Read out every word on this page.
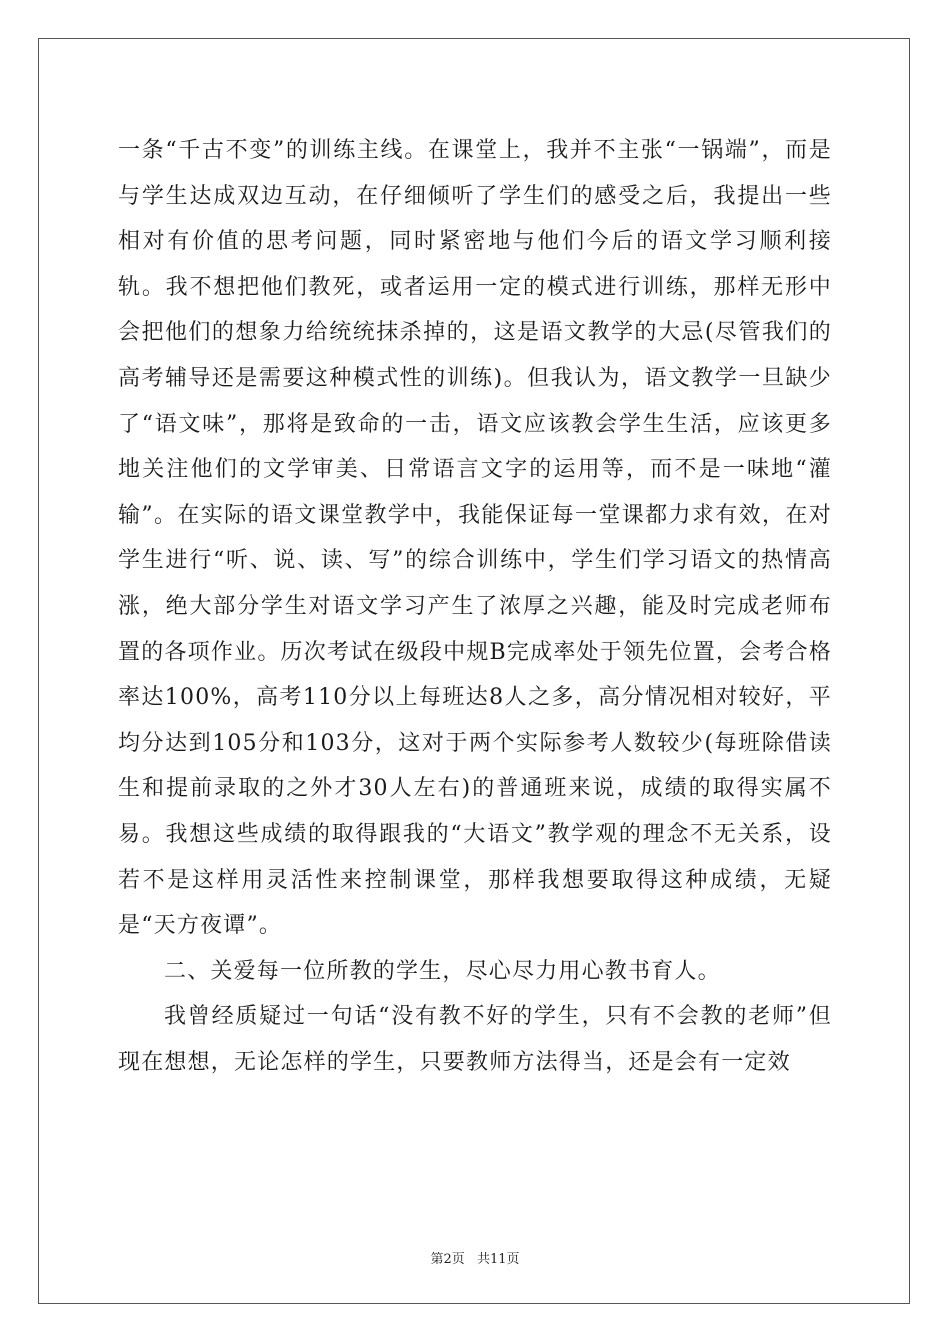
一条“千古不变”的训练主线。在课堂上，我并不主张“一锅端”，而是与学生达成双边互动，在仔细倾听了学生们的感受之后，我提出一些相对有价值的思考问题，同时紧密地与他们今后的语文学习顺利接轨。我不想把他们教死，或者运用一定的模式进行训练，那样无形中会把他们的想象力给统统抹杀掉的，这是语文教学的大忌(尽管我们的高考辅导还是需要这种模式性的训练)。但我认为，语文教学一旦缺少了“语文味”，那将是致命的一击，语文应该教会学生生活，应该更多地关注他们的文学审美、日常语言文字的运用等，而不是一味地“灌输”。在实际的语文课堂教学中，我能保证每一堂课都力求有效，在对学生进行“听、说、读、写”的综合训练中，学生们学习语文的热情高涨，绝大部分学生对语文学习产生了浓厚之兴趣，能及时完成老师布置的各项作业。历次考试在级段中规B完成率处于领先位置，会考合格率达100%，高考110分以上每班达8人之多，高分情况相对较好，平均分达到105分和103分，这对于两个实际参考人数较少(每班除借读生和提前录取的之外才30人左右)的普通班来说，成绩的取得实属不易。我想这些成绩的取得跟我的“大语文”教学观的理念不无关系，设若不是这样用灵活性来控制课堂，那样我想要取得这种成绩，无疑是“天方夜谭”。

二、关爱每一位所教的学生，尽心尽力用心教书育人。

我曾经质疑过一句话“没有教不好的学生，只有不会教的老师”但现在想想，无论怎样的学生，只要教师方法得当，还是会有一定效

第2页 共11页
